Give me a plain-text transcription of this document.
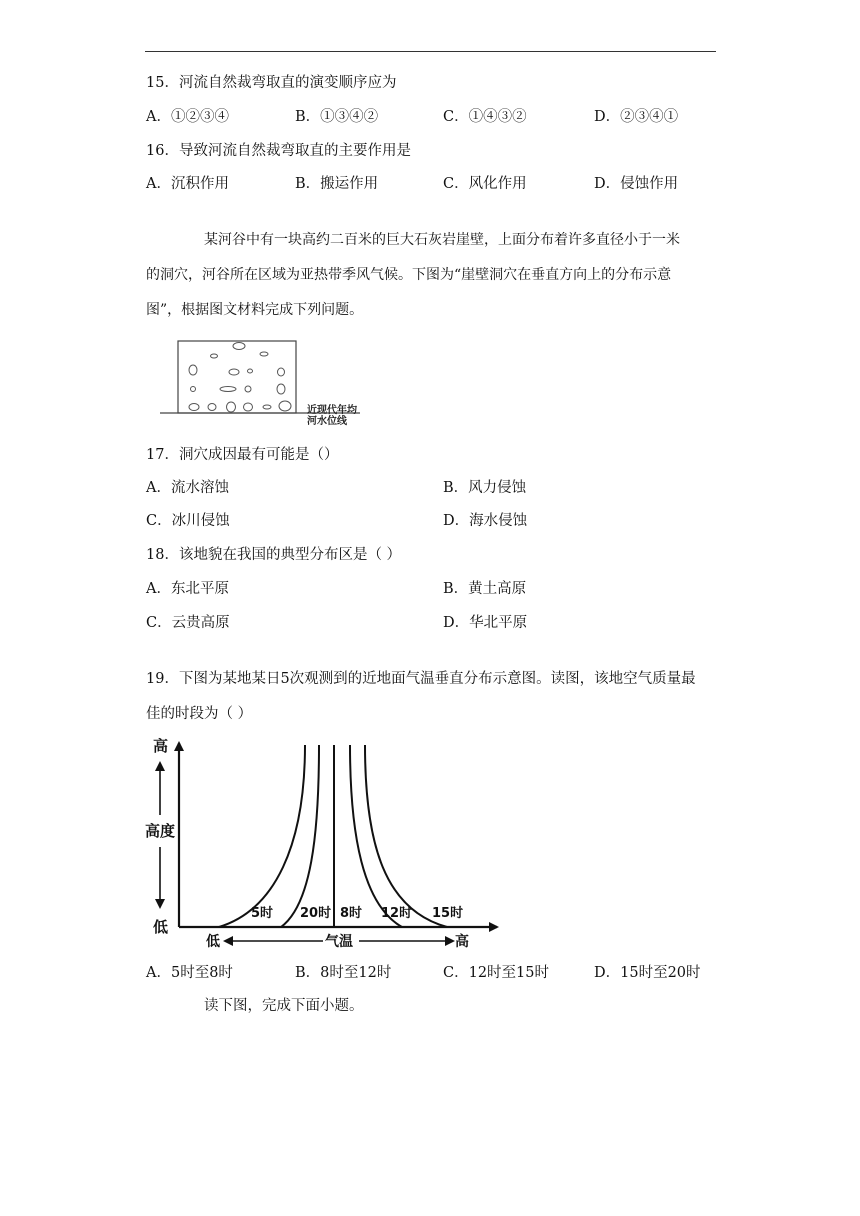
15．河流自然裁弯取直的演变顺序应为
A．①②③④	B．①③④②	C．①④③②	D．②③④①
16．导致河流自然裁弯取直的主要作用是
A．沉积作用	B．搬运作用	C．风化作用	D．侵蚀作用
某河谷中有一块高约二百米的巨大石灰岩崖壁，上面分布着许多直径小于一米
的洞穴，河谷所在区域为亚热带季风气候。下图为“崖壁洞穴在垂直方向上的分布示意
图”，根据图文材料完成下列问题。
近现代年均
河水位线
17．洞穴成因最有可能是（）
A．流水溶蚀	B．风力侵蚀
C．冰川侵蚀	D．海水侵蚀
18．该地貌在我国的典型分布区是（ ）
A．东北平原	B．黄土高原
C．云贵高原	D．华北平原
19．下图为某地某日5次观测到的近地面气温垂直分布示意图。读图，该地空气质量最
佳的时段为（ ）
高
高度
低
低	气温	高
5时 20时 8时 12时 15时
A．5时至8时	B．8时至12时	C．12时至15时	D．15时至20时
读下图，完成下面小题。
